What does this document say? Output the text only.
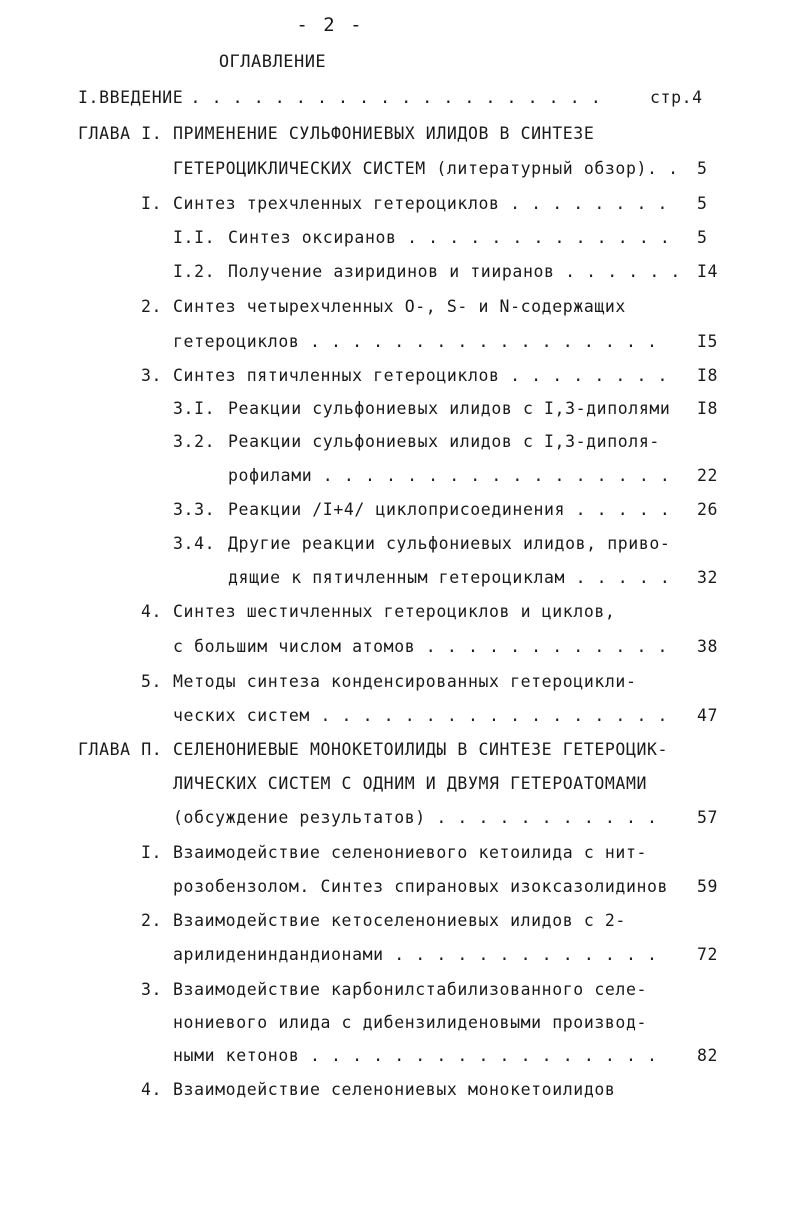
- 2 -
ОГЛАВЛЕНИЕ
I.ВВЕДЕНИЕ
. . . . . . . . . . . . . . . . . . . .	стр.4
ГЛАВА I. ПРИМЕНЕНИЕ СУЛЬФОНИЕВЫХ ИЛИДОВ В СИНТЕЗЕ
ГЕТЕРОЦИКЛИЧЕСКИХ СИСТЕМ (литературный обзор). . 5
I. Синтез трехчленных гетероциклов . . . . . . . . 5
I.I. Синтез оксиранов . . . . . . . . . . . . . 5
I.2. Получение азиридинов и тииранов . . . . . . I4
2. Синтез четырехчленных О-, S- и N-содержащих
гетероциклов . . . . . . . . . . . . . . . . . I5
3. Синтез пятичленных гетероциклов . . . . . . . . I8
3.I. Реакции сульфониевых илидов с I,3-диполями I8
3.2. Реакции сульфониевых илидов с I,3-диполя-
рофилами . . . . . . . . . . . . . . . . . 22
3.3. Реакции /I+4/ циклоприсоединения . . . . . 26
3.4. Другие реакции сульфониевых илидов, приво-
дящие к пятичленным гетероциклам . . . . . 32
4. Синтез шестичленных гетероциклов и циклов,
с большим числом атомов . . . . . . . . . . . . 38
5. Методы синтеза конденсированных гетероцикли-
ческих систем . . . . . . . . . . . . . . . . . 47
ГЛАВА П. СЕЛЕНОНИЕВЫЕ МОНОКЕТОИЛИДЫ В СИНТЕЗЕ ГЕТЕРОЦИК-
ЛИЧЕСКИХ СИСТЕМ С ОДНИМ И ДВУМЯ ГЕТЕРОАТОМАМИ
(обсуждение результатов) . . . . . . . . . . . 57
I. Взаимодействие селенониевого кетоилида с нит-
розобензолом. Синтез спирановых изоксазолидинов 59
2. Взаимодействие кетоселенониевых илидов с 2-
арилидениндандионами . . . . . . . . . . . . . 72
3. Взаимодействие карбонилстабилизованного селе-
нониевого илида с дибензилиденовыми производ-
ными кетонов . . . . . . . . . . . . . . . . . 82
4. Взаимодействие селенониевых монокетоилидов
